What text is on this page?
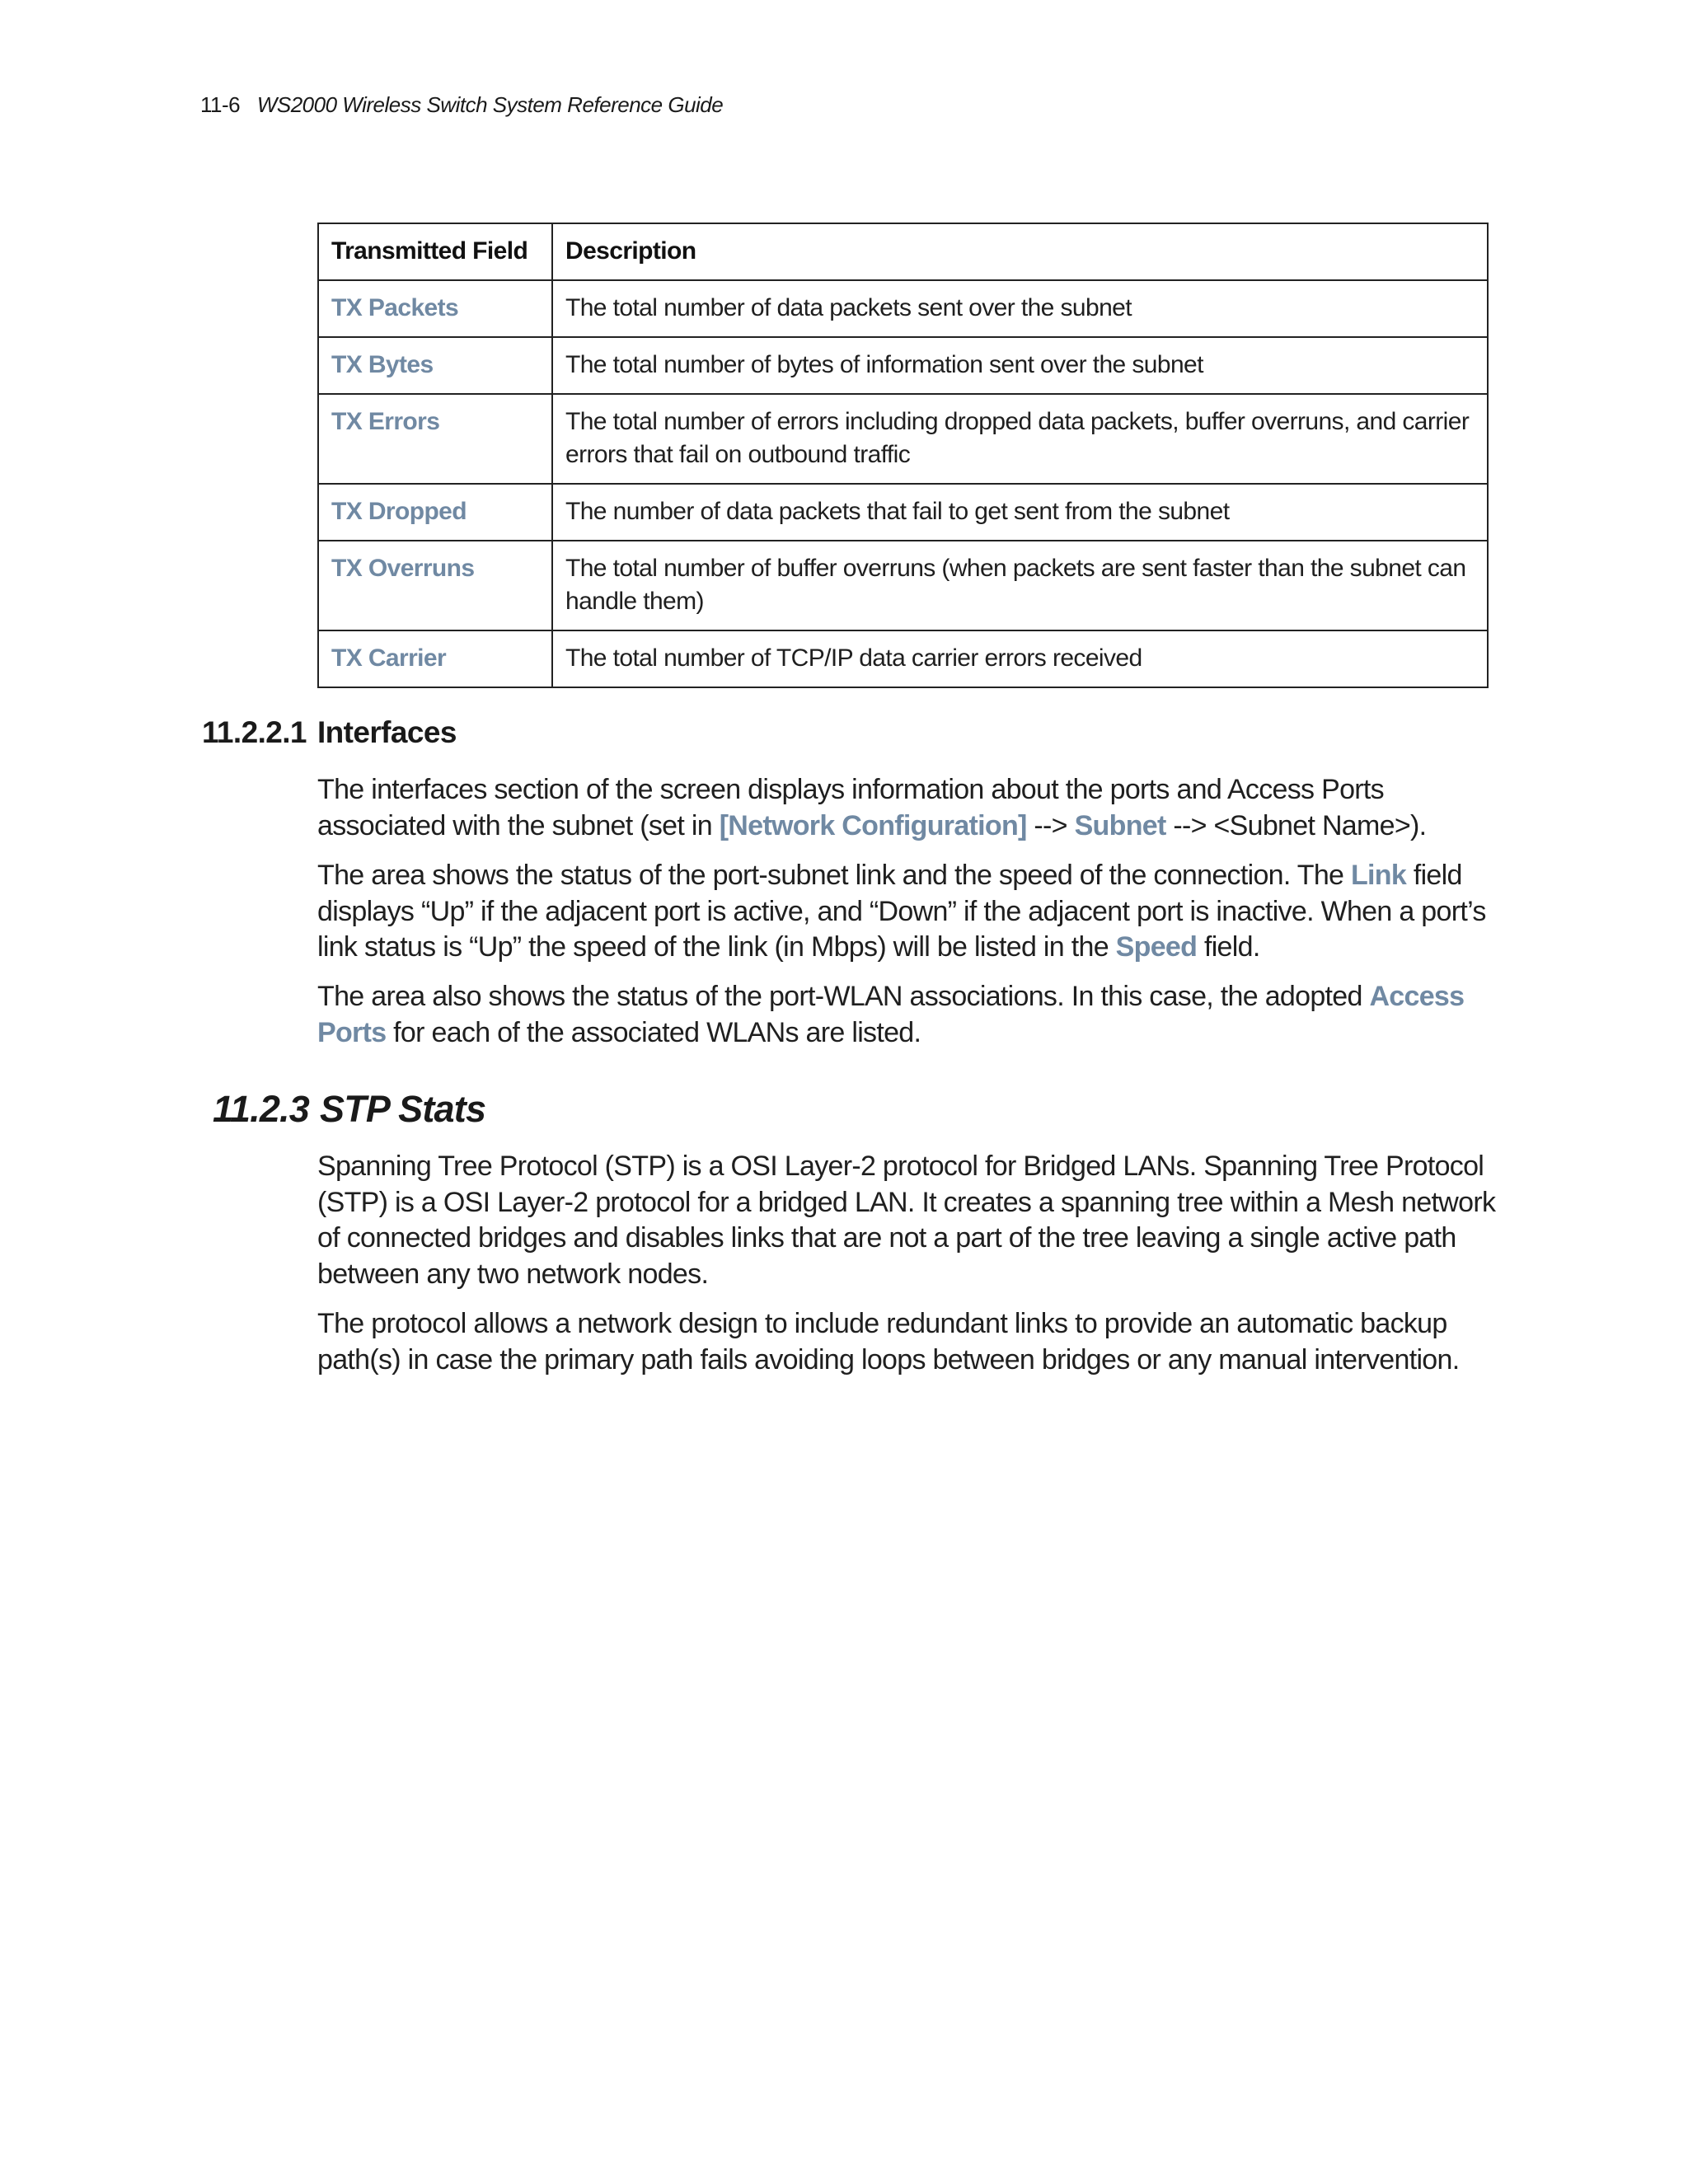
11-6 WS2000 Wireless Switch System Reference Guide
Transmitted Field	Description
TX Packets	The total number of data packets sent over the subnet
TX Bytes	The total number of bytes of information sent over the subnet
TX Errors	The total number of errors including dropped data packets, buffer overruns, and carrier errors that fail on outbound traffic
TX Dropped	The number of data packets that fail to get sent from the subnet
TX Overruns	The total number of buffer overruns (when packets are sent faster than the subnet can handle them)
TX Carrier	The total number of TCP/IP data carrier errors received
11.2.2.1 Interfaces

The interfaces section of the screen displays information about the ports and Access Ports associated with the subnet (set in [Network Configuration] --> Subnet --> <Subnet Name>).

The area shows the status of the port-subnet link and the speed of the connection. The Link field displays “Up” if the adjacent port is active, and “Down” if the adjacent port is inactive. When a port’s link status is “Up” the speed of the link (in Mbps) will be listed in the Speed field.

The area also shows the status of the port-WLAN associations. In this case, the adopted Access Ports for each of the associated WLANs are listed.

11.2.3 STP Stats

Spanning Tree Protocol (STP) is a OSI Layer-2 protocol for Bridged LANs. Spanning Tree Protocol (STP) is a OSI Layer-2 protocol for a bridged LAN. It creates a spanning tree within a Mesh network of connected bridges and disables links that are not a part of the tree leaving a single active path between any two network nodes.

The protocol allows a network design to include redundant links to provide an automatic backup path(s) in case the primary path fails avoiding loops between bridges or any manual intervention.
